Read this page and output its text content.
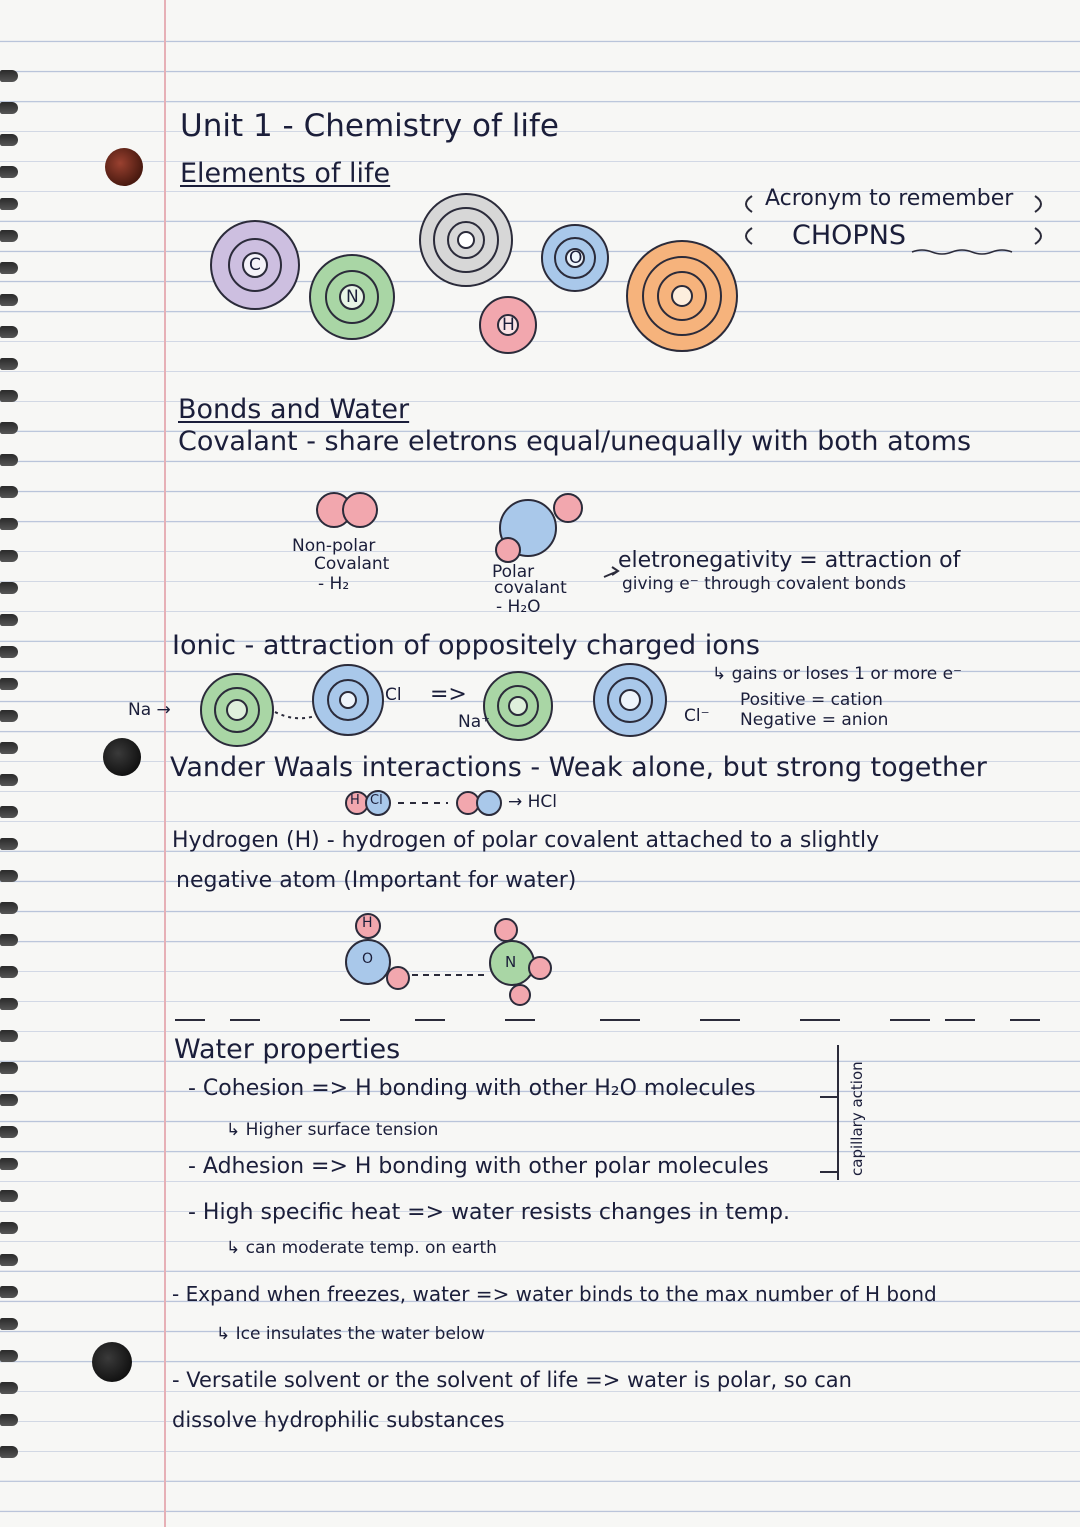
Unit 1 - Chemistry of life
Elements of life
Acronym to remember
CHOPNS
C
N
H
O
Bonds and Water
Covalant - share eletrons equal/unequally with both atoms
Non-polar
Covalant
- H₂
Polar
covalant
- H₂O
eletronegativity = attraction of
giving e⁻ through covalent bonds
Ionic - attraction of oppositely charged ions
Na →
Cl =>
Na⁺	Cl⁻
↳ gains or loses 1 or more e⁻
Positive = cation
Negative = anion
Vander Waals interactions - Weak alone, but strong together
H Cl	→ HCl
Hydrogen (H) - hydrogen of polar covalent attached to a slightly
negative atom (Important for water)
H
O	N
Water properties
- Cohesion => H bonding with other H₂O molecules
↳ Higher surface tension
- Adhesion => H bonding with other polar molecules	capillary action
- High specific heat => water resists changes in temp.
↳ can moderate temp. on earth
- Expand when freezes, water => water binds to the max number of H bond
↳ Ice insulates the water below
- Versatile solvent or the solvent of life => water is polar, so can
dissolve hydrophilic substances
